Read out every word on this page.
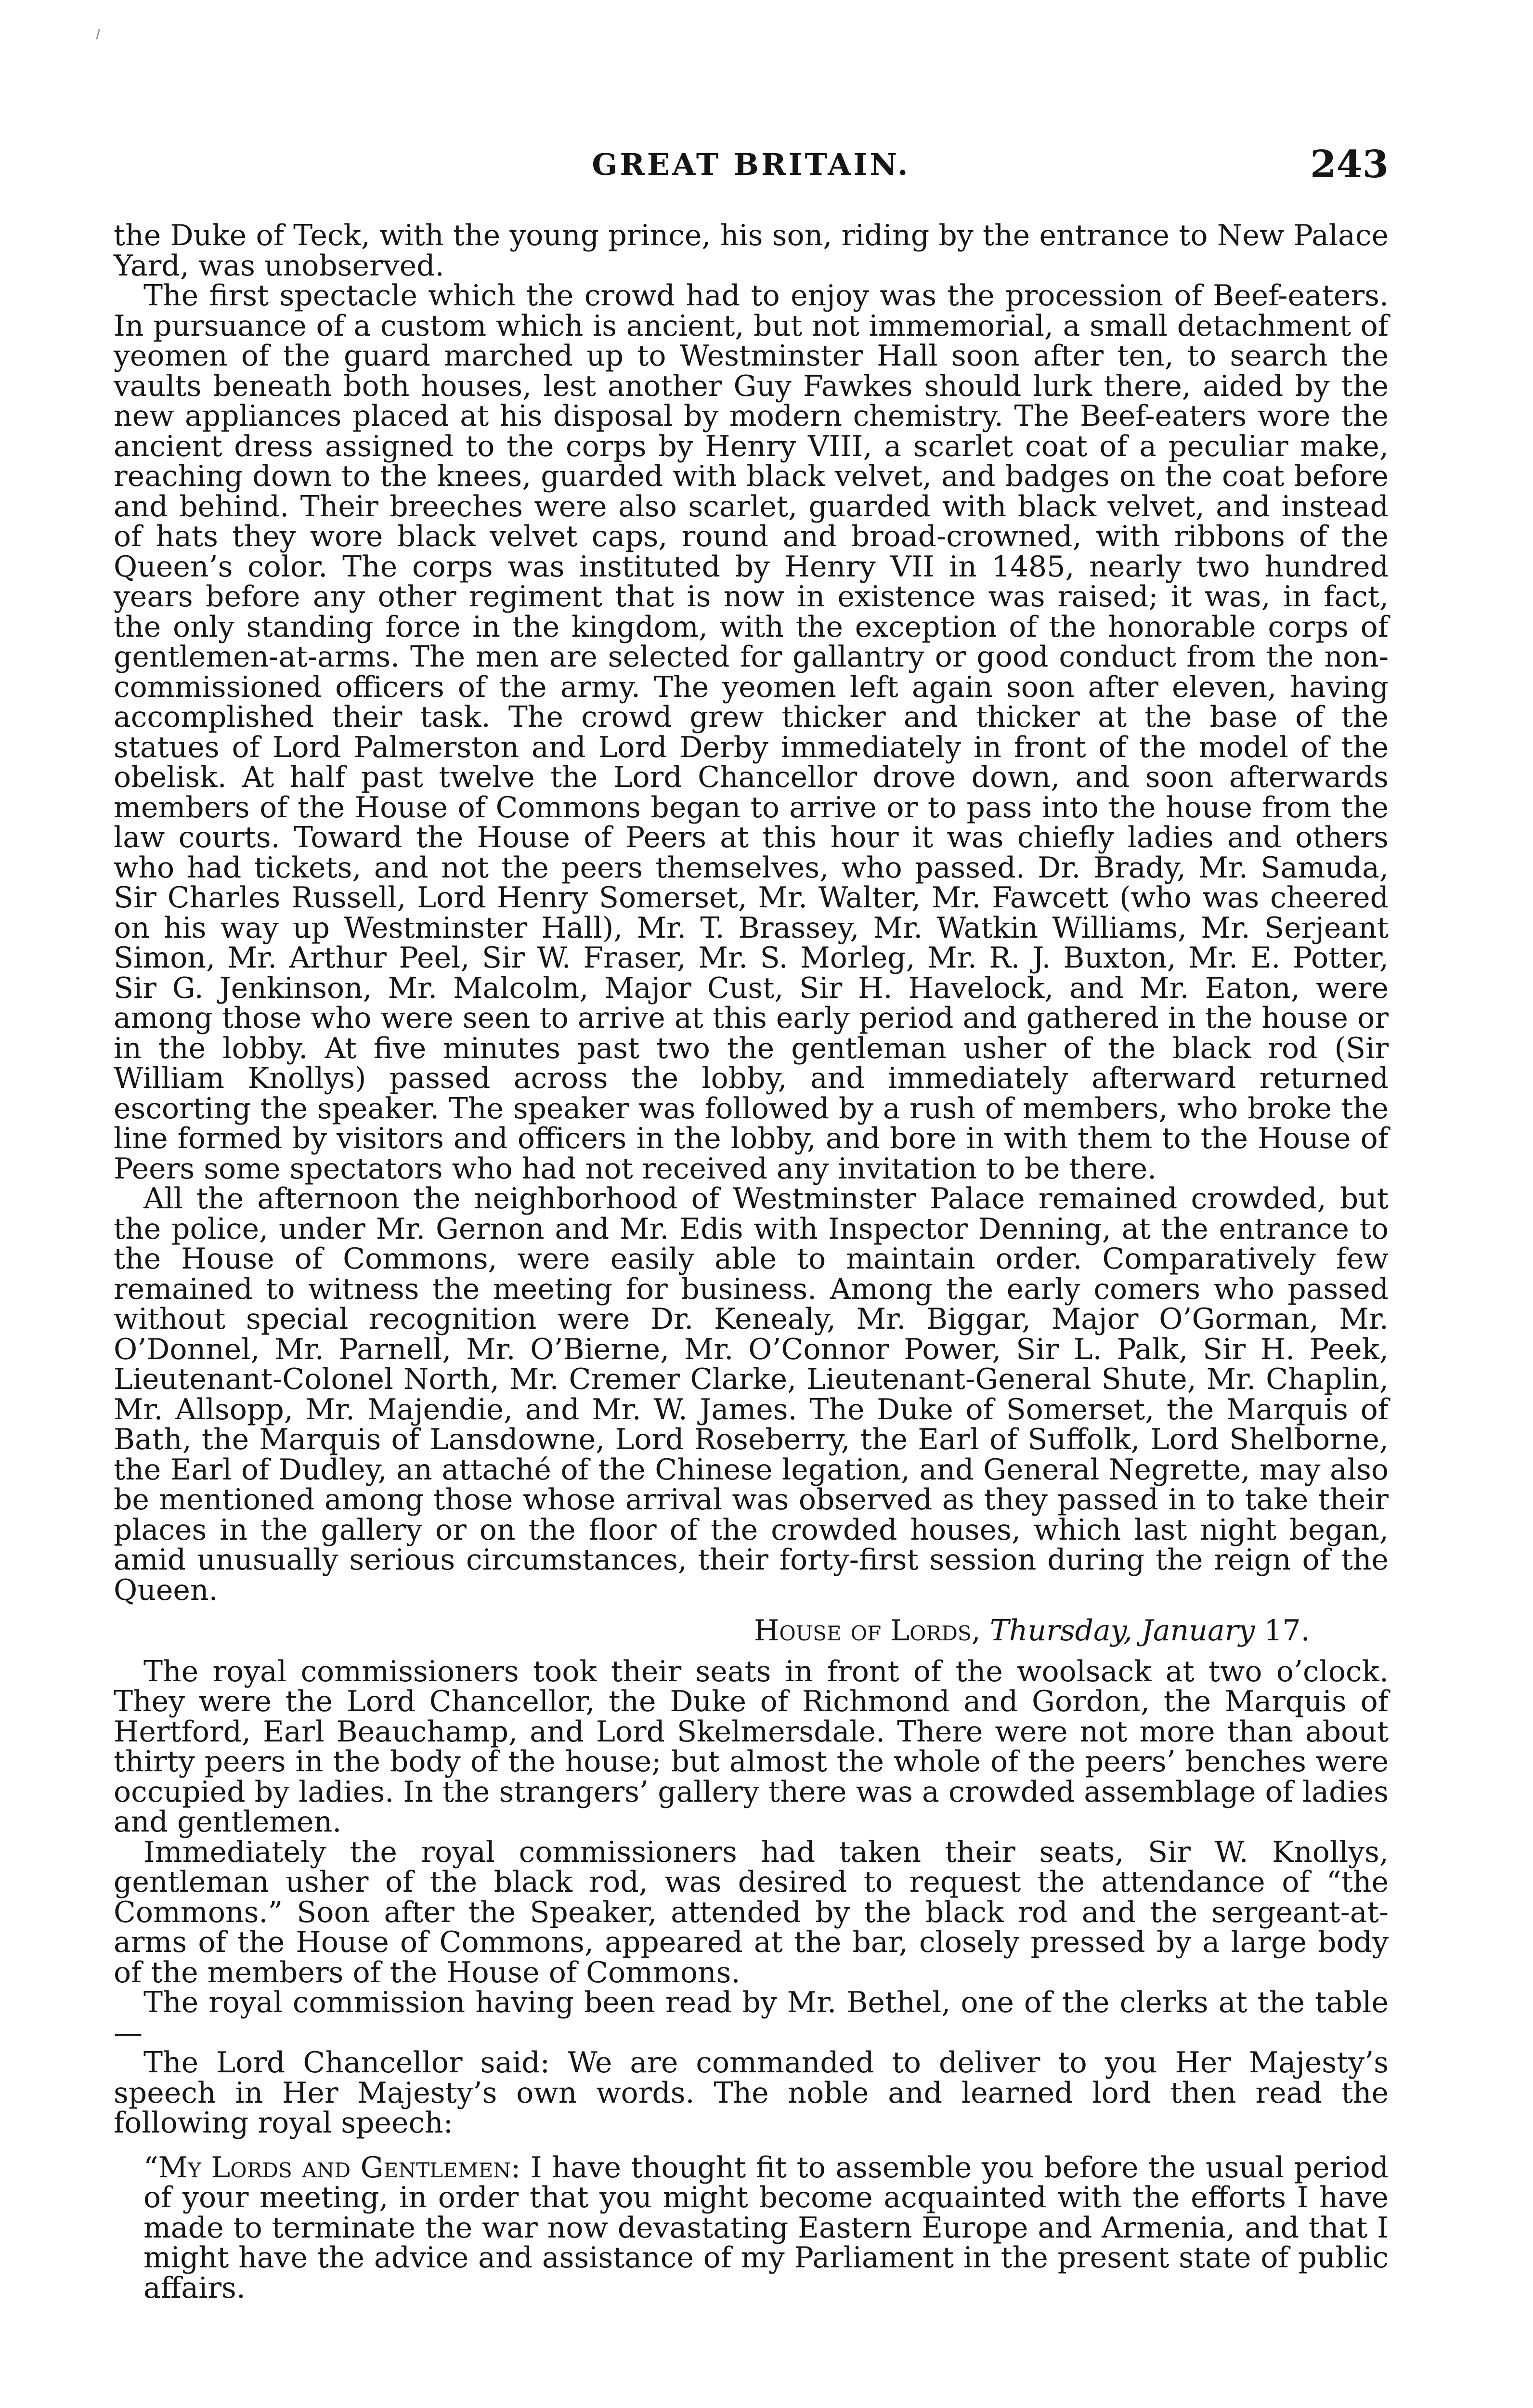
GREAT BRITAIN.	243

the Duke of Teck, with the young prince, his son, riding by the entrance to New Palace Yard, was unobserved.

The first spectacle which the crowd had to enjoy was the procession of Beef-eaters. In pursuance of a custom which is ancient, but not immemorial, a small detachment of yeomen of the guard marched up to Westminster Hall soon after ten, to search the vaults beneath both houses, lest another Guy Fawkes should lurk there, aided by the new appliances placed at his disposal by modern chemistry. The Beef-eaters wore the ancient dress assigned to the corps by Henry VIII, a scarlet coat of a peculiar make, reaching down to the knees, guarded with black velvet, and badges on the coat before and behind. Their breeches were also scarlet, guarded with black velvet, and instead of hats they wore black velvet caps, round and broad-crowned, with ribbons of the Queen’s color. The corps was instituted by Henry VII in 1485, nearly two hundred years before any other regiment that is now in existence was raised; it was, in fact, the only standing force in the kingdom, with the exception of the honorable corps of gentlemen-at-arms. The men are selected for gallantry or good conduct from the non-commissioned officers of the army. The yeomen left again soon after eleven, having accomplished their task. The crowd grew thicker and thicker at the base of the statues of Lord Palmerston and Lord Derby immediately in front of the model of the obelisk. At half past twelve the Lord Chancellor drove down, and soon afterwards members of the House of Commons began to arrive or to pass into the house from the law courts. Toward the House of Peers at this hour it was chiefly ladies and others who had tickets, and not the peers themselves, who passed. Dr. Brady, Mr. Samuda, Sir Charles Russell, Lord Henry Somerset, Mr. Walter, Mr. Fawcett (who was cheered on his way up Westminster Hall), Mr. T. Brassey, Mr. Watkin Williams, Mr. Serjeant Simon, Mr. Arthur Peel, Sir W. Fraser, Mr. S. Morleg, Mr. R. J. Buxton, Mr. E. Potter, Sir G. Jenkinson, Mr. Malcolm, Major Cust, Sir H. Havelock, and Mr. Eaton, were among those who were seen to arrive at this early period and gathered in the house or in the lobby. At five minutes past two the gentleman usher of the black rod (Sir William Knollys) passed across the lobby, and immediately afterward returned escorting the speaker. The speaker was followed by a rush of members, who broke the line formed by visitors and officers in the lobby, and bore in with them to the House of Peers some spectators who had not received any invitation to be there.

All the afternoon the neighborhood of Westminster Palace remained crowded, but the police, under Mr. Gernon and Mr. Edis with Inspector Denning, at the entrance to the House of Commons, were easily able to maintain order. Comparatively few remained to witness the meeting for business. Among the early comers who passed without special recognition were Dr. Kenealy, Mr. Biggar, Major O’Gorman, Mr. O’Donnel, Mr. Parnell, Mr. O’Bierne, Mr. O’Connor Power, Sir L. Palk, Sir H. Peek, Lieutenant-Colonel North, Mr. Cremer Clarke, Lieutenant-General Shute, Mr. Chaplin, Mr. Allsopp, Mr. Majendie, and Mr. W. James. The Duke of Somerset, the Marquis of Bath, the Marquis of Lansdowne, Lord Roseberry, the Earl of Suffolk, Lord Shelborne, the Earl of Dudley, an attaché of the Chinese legation, and General Negrette, may also be mentioned among those whose arrival was observed as they passed in to take their places in the gallery or on the floor of the crowded houses, which last night began, amid unusually serious circumstances, their forty-first session during the reign of the Queen.

House of Lords, Thursday, January 17.

The royal commissioners took their seats in front of the woolsack at two o’clock. They were the Lord Chancellor, the Duke of Richmond and Gordon, the Marquis of Hertford, Earl Beauchamp, and Lord Skelmersdale. There were not more than about thirty peers in the body of the house; but almost the whole of the peers’ benches were occupied by ladies. In the strangers’ gallery there was a crowded assemblage of ladies and gentlemen.

Immediately the royal commissioners had taken their seats, Sir W. Knollys, gentleman usher of the black rod, was desired to request the attendance of “the Commons.” Soon after the Speaker, attended by the black rod and the sergeant-at-arms of the House of Commons, appeared at the bar, closely pressed by a large body of the members of the House of Commons.

The royal commission having been read by Mr. Bethel, one of the clerks at the table—

The Lord Chancellor said: We are commanded to deliver to you Her Majesty’s speech in Her Majesty’s own words. The noble and learned lord then read the following royal speech:

“My Lords and Gentlemen: I have thought fit to assemble you before the usual period of your meeting, in order that you might become acquainted with the efforts I have made to terminate the war now devastating Eastern Europe and Armenia, and that I might have the advice and assistance of my Parliament in the present state of public affairs.
